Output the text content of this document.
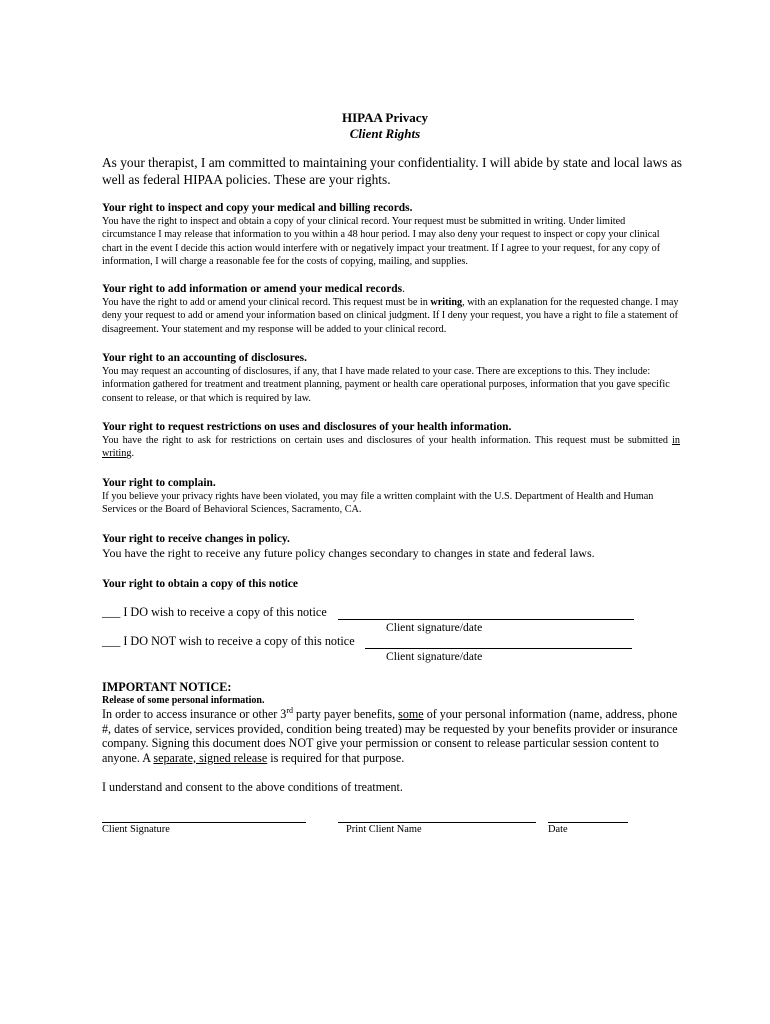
HIPAA Privacy
Client Rights
As your therapist, I am committed to maintaining your confidentiality. I will abide by state and local laws as well as federal HIPAA policies. These are your rights.

Your right to inspect and copy your medical and billing records.

You have the right to inspect and obtain a copy of your clinical record. Your request must be submitted in writing. Under limited circumstance I may release that information to you within a 48 hour period. I may also deny your request to inspect or copy your clinical chart in the event I decide this action would interfere with or negatively impact your treatment. If I agree to your request, for any copy of information, I will charge a reasonable fee for the costs of copying, mailing, and supplies.

Your right to add information or amend your medical records.

You have the right to add or amend your clinical record. This request must be in writing, with an explanation for the requested change. I may deny your request to add or amend your information based on clinical judgment. If I deny your request, you have a right to file a statement of disagreement. Your statement and my response will be added to your clinical record.

Your right to an accounting of disclosures.

You may request an accounting of disclosures, if any, that I have made related to your case. There are exceptions to this. They include: information gathered for treatment and treatment planning, payment or health care operational purposes, information that you gave specific consent to release, or that which is required by law.

Your right to request restrictions on uses and disclosures of your health information.

You have the right to ask for restrictions on certain uses and disclosures of your health information. This request must be submitted in writing.

Your right to complain.

If you believe your privacy rights have been violated, you may file a written complaint with the U.S. Department of Health and Human Services or the Board of Behavioral Sciences, Sacramento, CA.

Your right to receive changes in policy.

You have the right to receive any future policy changes secondary to changes in state and federal laws.

Your right to obtain a copy of this notice

___ I DO wish to receive a copy of this notice
Client signature/date
___ I DO NOT wish to receive a copy of this notice
Client signature/date
IMPORTANT NOTICE:
Release of some personal information.
In order to access insurance or other 3rd party payer benefits, some of your personal information (name, address, phone #, dates of service, services provided, condition being treated) may be requested by your benefits provider or insurance company. Signing this document does NOT give your permission or consent to release particular session content to anyone. A separate, signed release is required for that purpose.
I understand and consent to the above conditions of treatment.
Client Signature	Print Client Name	Date
